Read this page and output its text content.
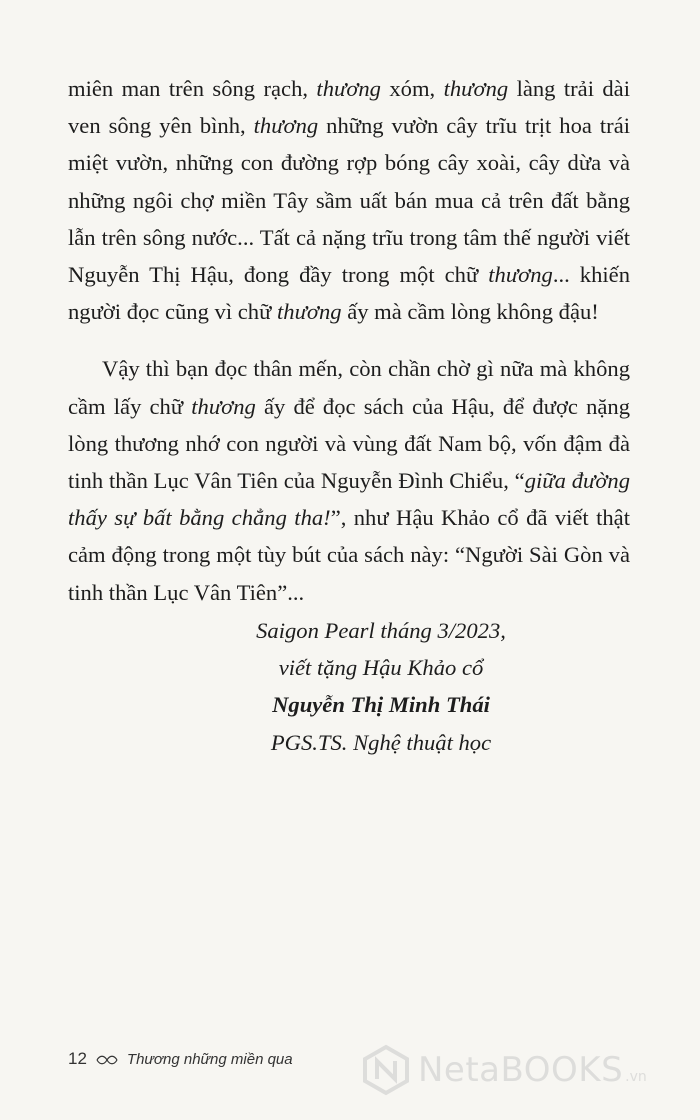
miên man trên sông rạch, thương xóm, thương làng trải dài ven sông yên bình, thương những vườn cây trĩu trịt hoa trái miệt vườn, những con đường rợp bóng cây xoài, cây dừa và những ngôi chợ miền Tây sầm uất bán mua cả trên đất bằng lẫn trên sông nước... Tất cả nặng trĩu trong tâm thế người viết Nguyễn Thị Hậu, đong đầy trong một chữ thương... khiến người đọc cũng vì chữ thương ấy mà cầm lòng không đậu!

Vậy thì bạn đọc thân mến, còn chần chờ gì nữa mà không cầm lấy chữ thương ấy để đọc sách của Hậu, để được nặng lòng thương nhớ con người và vùng đất Nam bộ, vốn đậm đà tinh thần Lục Vân Tiên của Nguyễn Đình Chiểu, “giữa đường thấy sự bất bằng chẳng tha!”, như Hậu Khảo cổ đã viết thật cảm động trong một tùy bút của sách này: “Người Sài Gòn và tinh thần Lục Vân Tiên”...

Saigon Pearl tháng 3/2023,
viết tặng Hậu Khảo cổ
Nguyễn Thị Minh Thái
PGS.TS. Nghệ thuật học
12	Thương những miền qua	NetaBOOKS .vn
